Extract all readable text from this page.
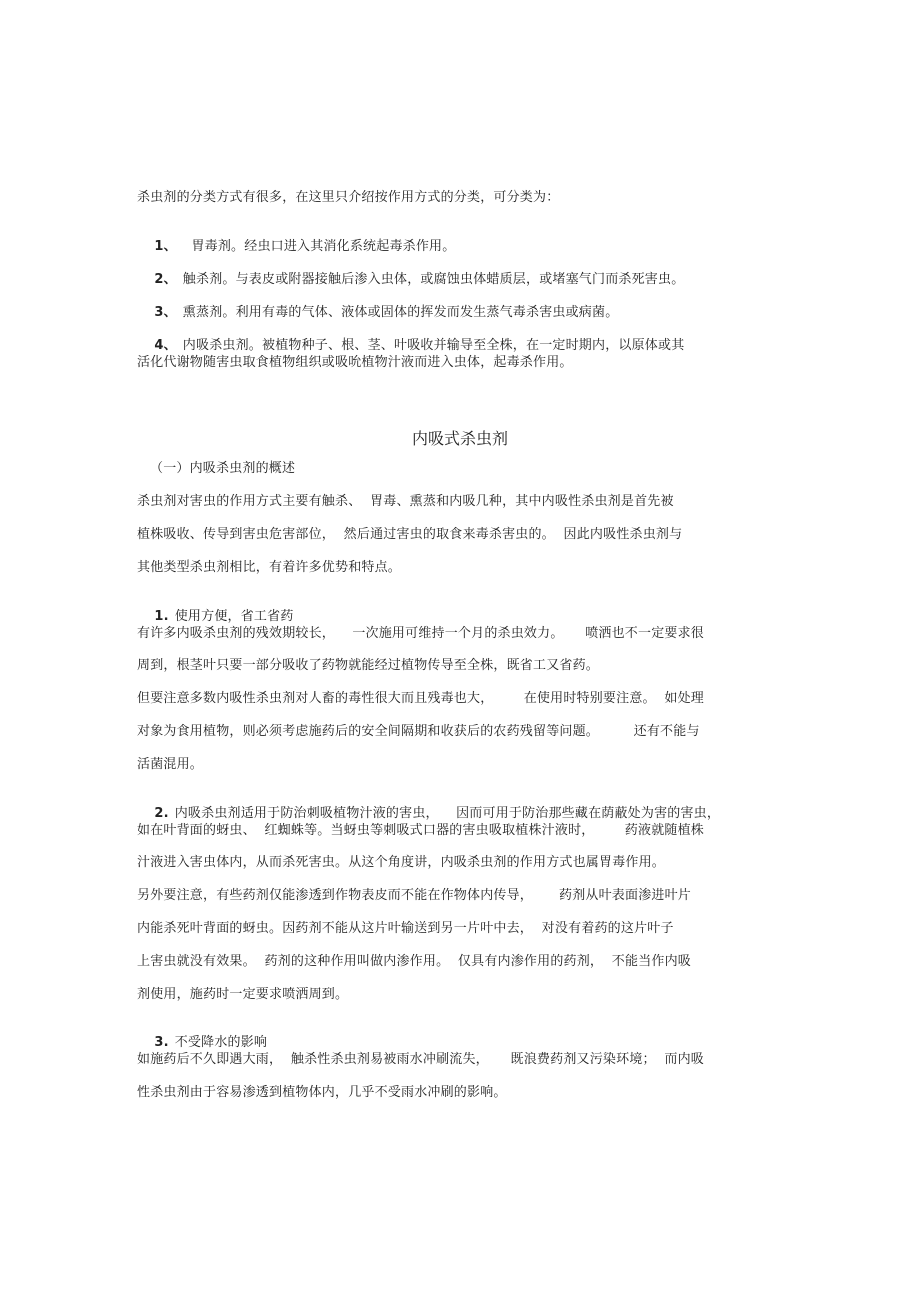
杀虫剂的分类方式有很多，在这里只介绍按作用方式的分类，可分类为：

1、  胃毒剂。经虫口进入其消化系统起毒杀作用。

2、 触杀剂。与表皮或附器接触后渗入虫体，或腐蚀虫体蜡质层，或堵塞气门而杀死害虫。

3、 熏蒸剂。利用有毒的气体、液体或固体的挥发而发生蒸气毒杀害虫或病菌。

4、 内吸杀虫剂。被植物种子、根、茎、叶吸收并输导至全株，在一定时期内，以原体或其

活化代谢物随害虫取食植物组织或吸吮植物汁液而进入虫体，起毒杀作用。
内吸式杀虫剂
（一）内吸杀虫剂的概述
杀虫剂对害虫的作用方式主要有触杀、  胃毒、熏蒸和内吸几种，其中内吸性杀虫剂是首先被
植株吸收、传导到害虫危害部位，  然后通过害虫的取食来毒杀害虫的。  因此内吸性杀虫剂与
其他类型杀虫剂相比，有着许多优势和特点。

1. 使用方便，省工省药

有许多内吸杀虫剂的残效期较长，    一次施用可维持一个月的杀虫效力。     喷洒也不一定要求很
周到，根茎叶只要一部分吸收了药物就能经过植物传导至全株，既省工又省药。
但要注意多数内吸性杀虫剂对人畜的毒性很大而且残毒也大，       在使用时特别要注意。  如处理
对象为食用植物，则必须考虑施药后的安全间隔期和收获后的农药残留等问题。        还有不能与
活菌混用。

2. 内吸杀虫剂适用于防治刺吸植物汁液的害虫，    因而可用于防治那些藏在荫蔽处为害的害虫，

如在叶背面的蚜虫、  红蜘蛛等。当蚜虫等刺吸式口器的害虫吸取植株汁液时，       药液就随植株
汁液进入害虫体内，从而杀死害虫。从这个角度讲，内吸杀虫剂的作用方式也属胃毒作用。
另外要注意，有些药剂仅能渗透到作物表皮而不能在作物体内传导，      药剂从叶表面渗进叶片
内能杀死叶背面的蚜虫。因药剂不能从这片叶输送到另一片叶中去，  对没有着药的这片叶子
上害虫就没有效果。  药剂的这种作用叫做内渗作用。  仅具有内渗作用的药剂，  不能当作内吸
剂使用，施药时一定要求喷洒周到。

3. 不受降水的影响

如施药后不久即遇大雨，  触杀性杀虫剂易被雨水冲刷流失，     既浪费药剂又污染环境；  而内吸
性杀虫剂由于容易渗透到植物体内，几乎不受雨水冲刷的影响。
